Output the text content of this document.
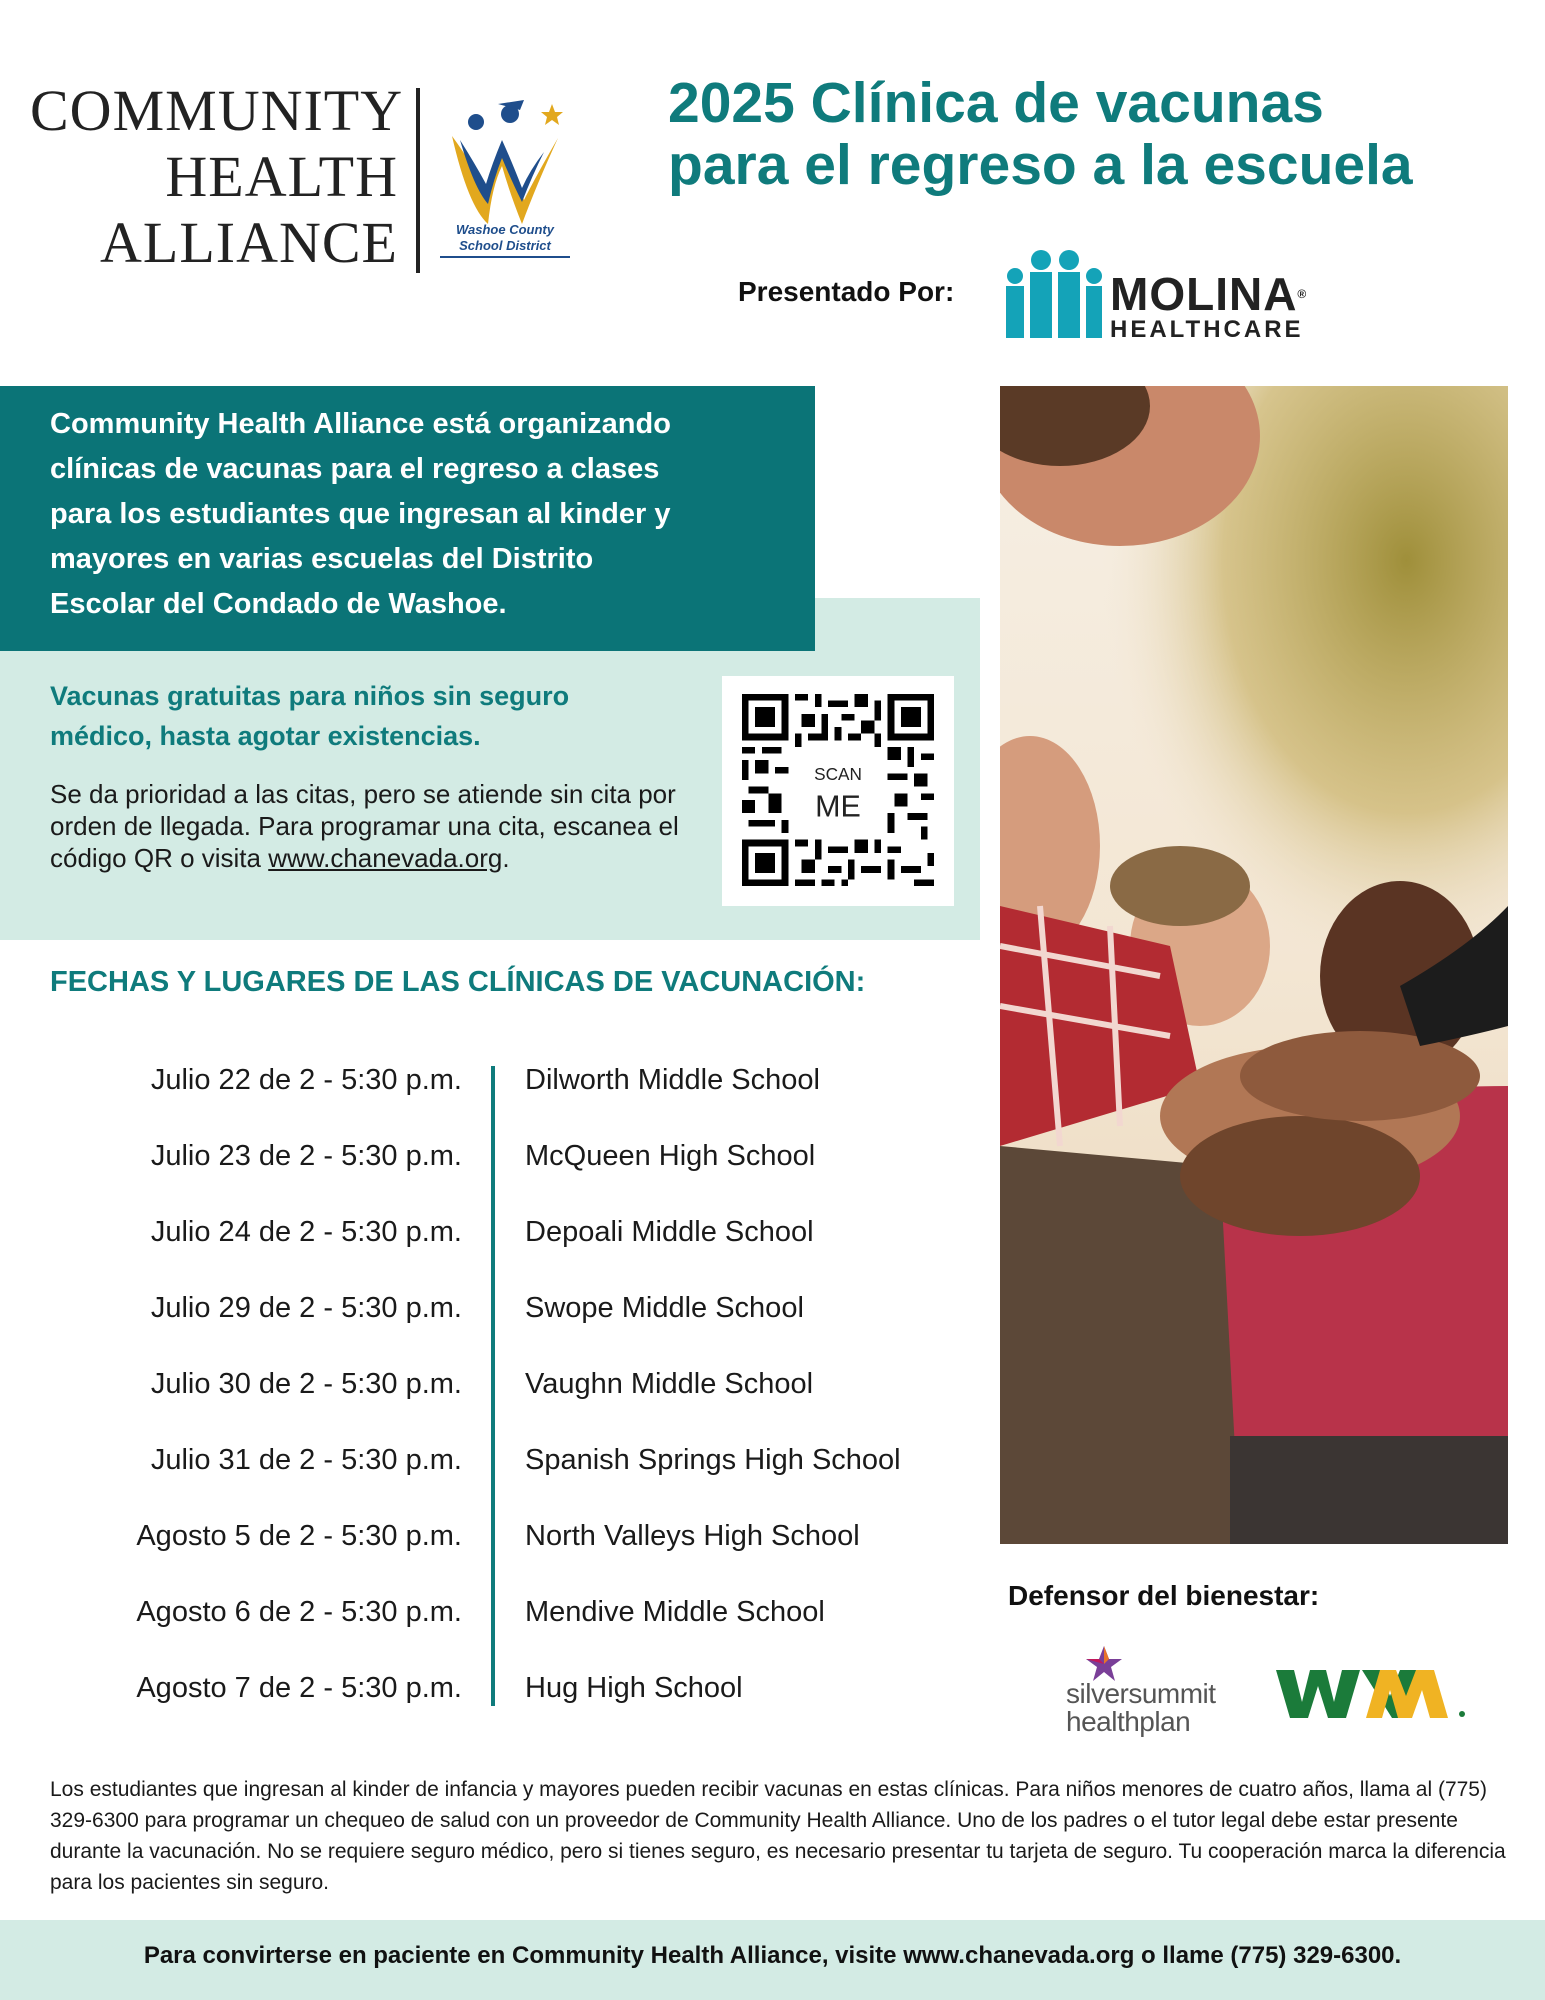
COMMUNITY
HEALTH
ALLIANCE	Washoe County
School District
2025 Clínica de vacunas
para el regreso a la escuela
Presentado Por:	MOLINA®
HEALTHCARE
Community Health Alliance está organizando
clínicas de vacunas para el regreso a clases
para los estudiantes que ingresan al kinder y
mayores en varias escuelas del Distrito
Escolar del Condado de Washoe.
Vacunas gratuitas para niños sin seguro
médico, hasta agotar existencias.
Se da prioridad a las citas, pero se atiende sin cita por orden de llegada. Para programar una cita, escanea el código QR o visita www.chanevada.org.
SCAN
ME
FECHAS Y LUGARES DE LAS CLÍNICAS DE VACUNACIÓN:
Julio 22 de 2 - 5:30 p.m. Dilworth Middle School
Julio 23 de 2 - 5:30 p.m. McQueen High School
Julio 24 de 2 - 5:30 p.m. Depoali Middle School
Julio 29 de 2 - 5:30 p.m. Swope Middle School
Julio 30 de 2 - 5:30 p.m. Vaughn Middle School
Julio 31 de 2 - 5:30 p.m. Spanish Springs High School
Agosto 5 de 2 - 5:30 p.m. North Valleys High School
Agosto 6 de 2 - 5:30 p.m. Mendive Middle School
Agosto 7 de 2 - 5:30 p.m. Hug High School
Defensor del bienestar:
silversummit
healthplan
Los estudiantes que ingresan al kinder de infancia y mayores pueden recibir vacunas en estas clínicas. Para niños menores de cuatro años, llama al (775) 329-6300 para programar un chequeo de salud con un proveedor de Community Health Alliance. Uno de los padres o el tutor legal debe estar presente durante la vacunación. No se requiere seguro médico, pero si tienes seguro, es necesario presentar tu tarjeta de seguro. Tu cooperación marca la diferencia para los pacientes sin seguro.
Para convirterse en paciente en Community Health Alliance, visite www.chanevada.org o llame (775) 329-6300.
